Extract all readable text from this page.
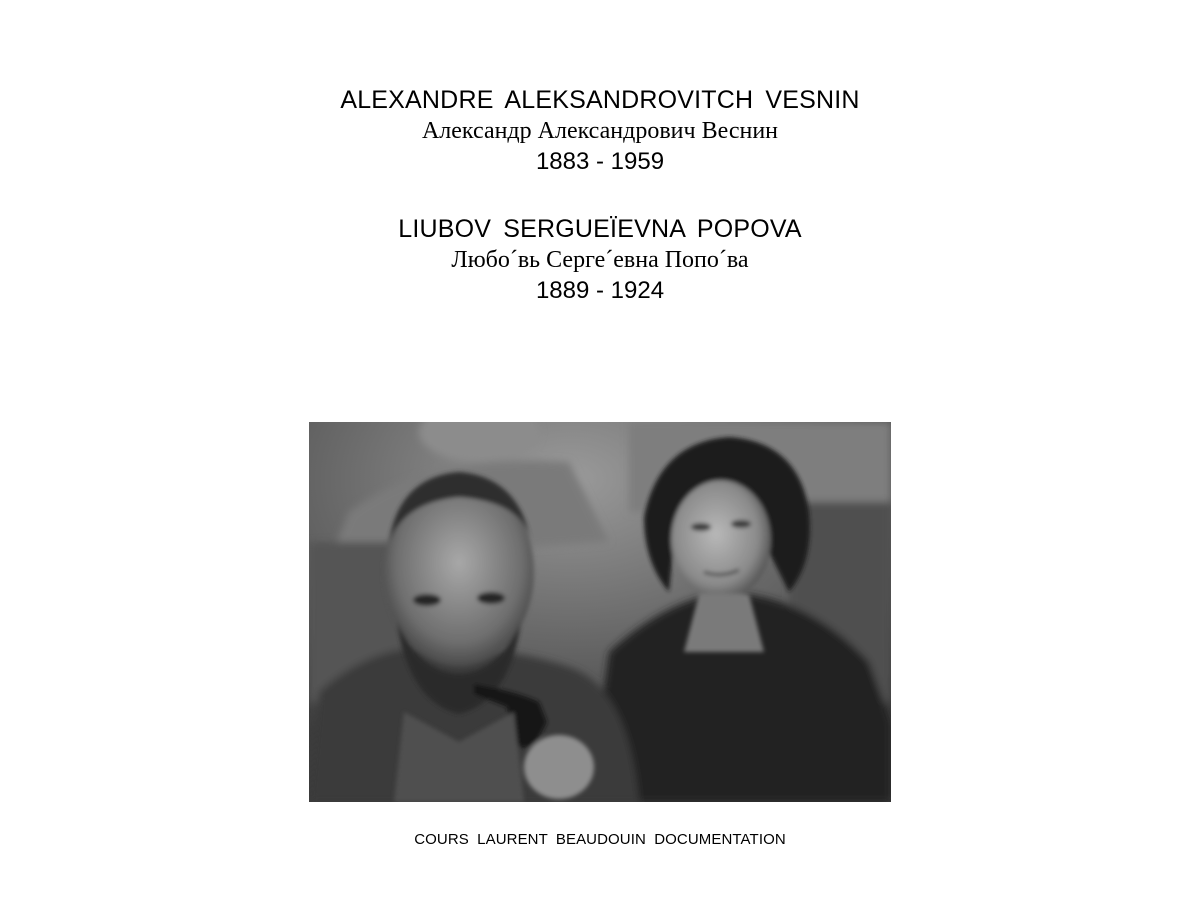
ALEXANDRE ALEKSANDROVITCH VESNIN
Александр Александрович Веснин
1883 - 1959
LIUBOV SERGUEÏEVNA POPOVA
Любо´вь Серге´евна Попо´ва
1889 - 1924
COURS LAURENT BEAUDOUIN DOCUMENTATION
